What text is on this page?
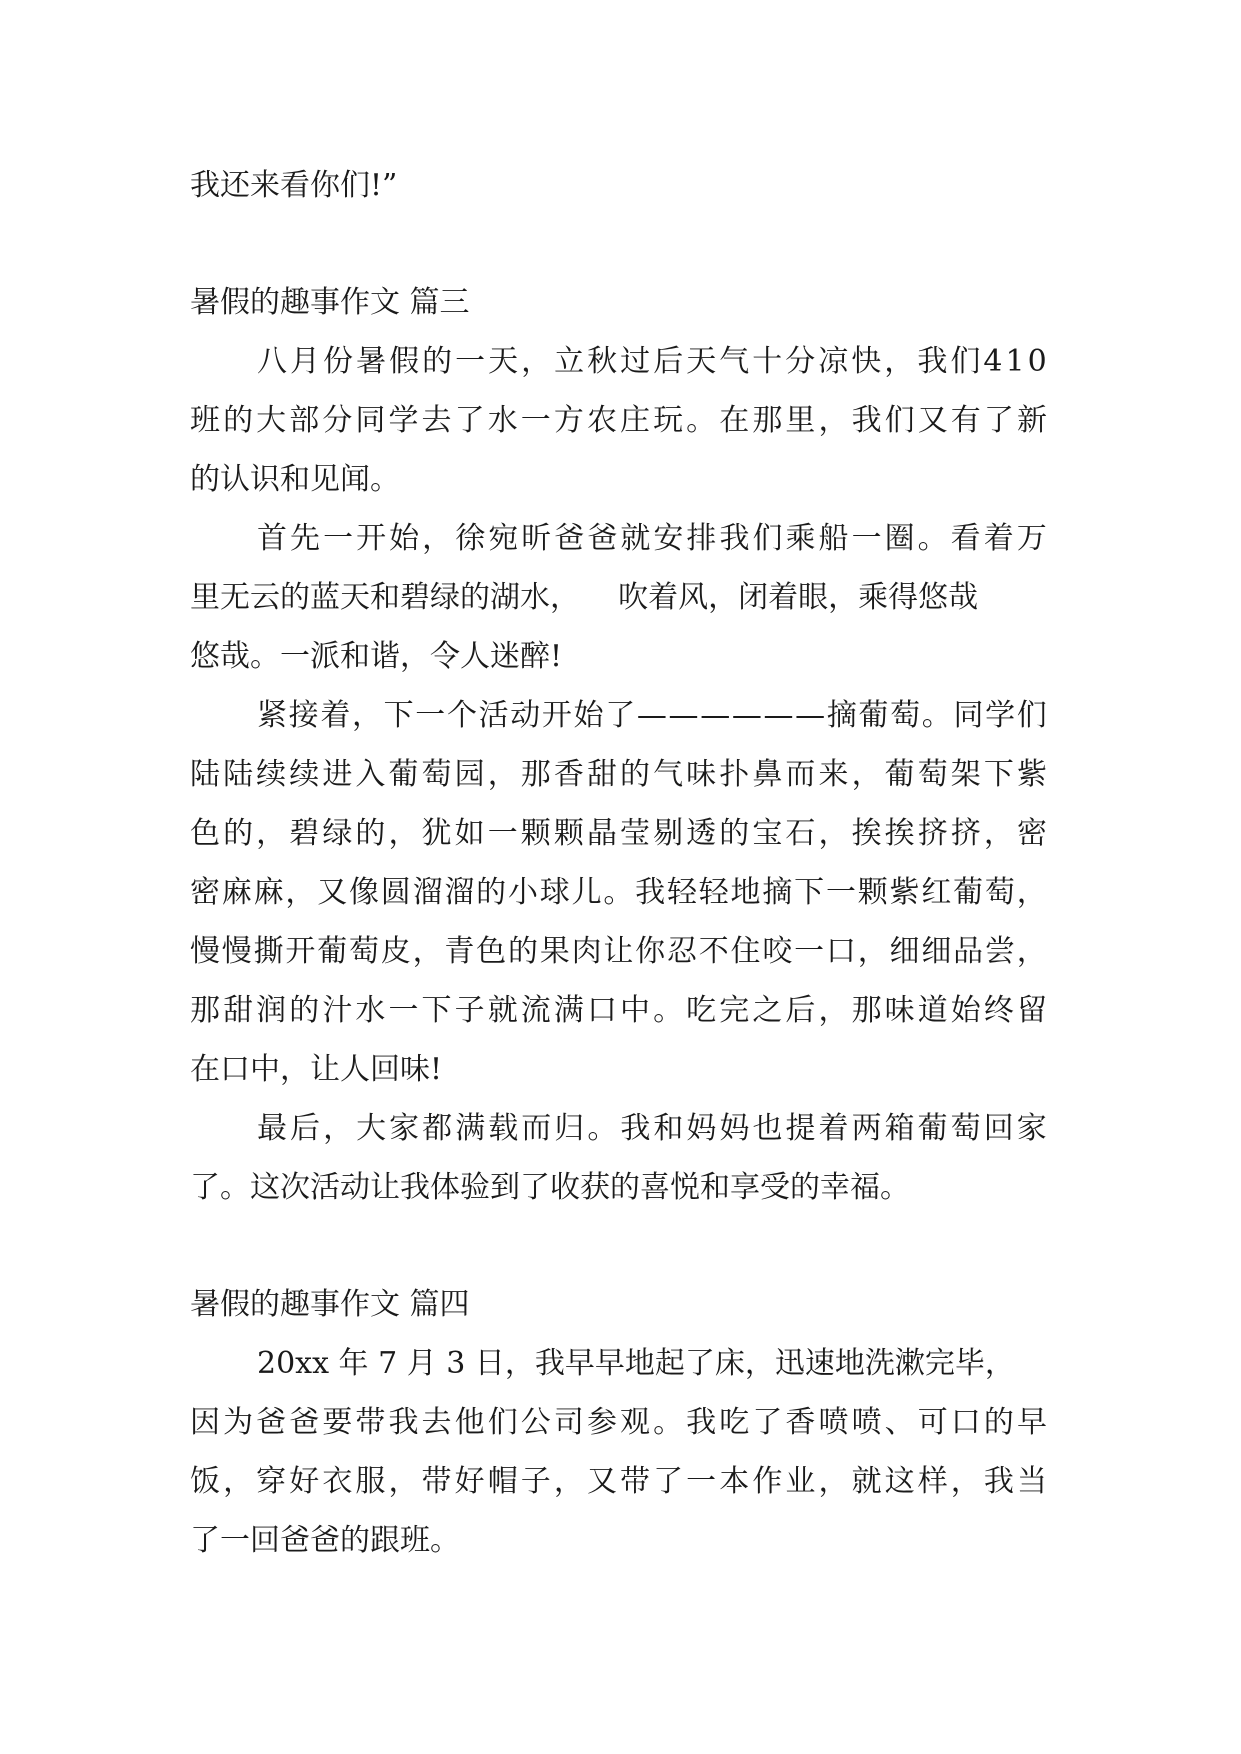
我还来看你们!”
暑假的趣事作文 篇三
八 月 份 暑 假 的 一 天 ， 立 秋 过 后 天 气 十 分 凉 快 ， 我 们 4 1 0
班 的 大 部 分 同 学 去 了 水 一 方 农 庄 玩 。 在 那 里 ， 我 们 又 有 了 新
的认识和见闻。
首 先 一 开 始 ， 徐 宛 昕 爸 爸 就 安 排 我 们 乘 船 一 圈 。 看 着 万
里无云的蓝天和碧绿的湖水，    吹着风，闭着眼，乘得悠哉
悠哉。一派和谐，令人迷醉!
紧 接 着 ， 下 一 个 活 动 开 始 了 — — — — — — 摘 葡 萄 。 同 学 们
陆 陆 续 续 进 入 葡 萄 园 ， 那 香 甜 的 气 味 扑 鼻 而 来 ， 葡 萄 架 下 紫
色 的 ， 碧 绿 的 ， 犹 如 一 颗 颗 晶 莹 剔 透 的 宝 石 ， 挨 挨 挤 挤 ， 密
密 麻 麻 ， 又 像 圆 溜 溜 的 小 球 儿 。 我 轻 轻 地 摘 下 一 颗 紫 红 葡 萄 ，
慢 慢 撕 开 葡 萄 皮 ， 青 色 的 果 肉 让 你 忍 不 住 咬 一 口 ， 细 细 品 尝 ，
那 甜 润 的 汁 水 一 下 子 就 流 满 口 中 。 吃 完 之 后 ， 那 味 道 始 终 留
在口中，让人回味!
最 后 ， 大 家 都 满 载 而 归 。 我 和 妈 妈 也 提 着 两 箱 葡 萄 回 家
了。这次活动让我体验到了收获的喜悦和享受的幸福。
暑假的趣事作文 篇四
20xx 年 7 月 3 日，我早早地起了床，迅速地洗漱完毕，
因 为 爸 爸 要 带 我 去 他 们 公 司 参 观 。 我 吃 了 香 喷 喷 、 可 口 的 早
饭 ， 穿 好 衣 服 ， 带 好 帽 子 ， 又 带 了 一 本 作 业 ， 就 这 样 ， 我 当
了一回爸爸的跟班。
